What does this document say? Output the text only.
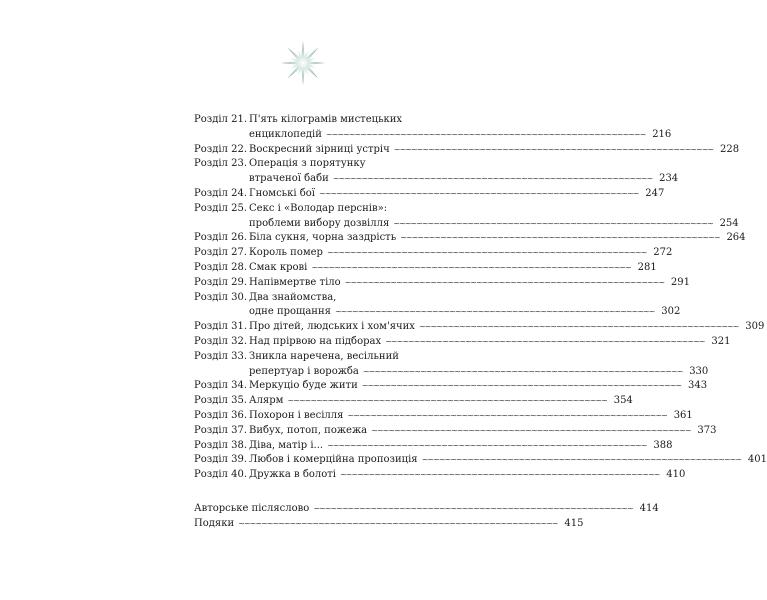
Розділ 21. П'ять кілограмів мистецьких
енциклопедій ~~~~~~~~~~~~~~~~~~~~~~~~~~~~~~~~~~~~~~~~~~~~~~~~~~~~~~~~ 216
Розділ 22. Воскресний зірниці устріч ~~~~~~~~~~~~~~~~~~~~~~~~~~~~~~~~~~~~~~~~~~~~~~~~~~~~~~~~ 228
Розділ 23. Операція з порятунку
втраченої баби ~~~~~~~~~~~~~~~~~~~~~~~~~~~~~~~~~~~~~~~~~~~~~~~~~~~~~~~~ 234
Розділ 24. Гномські бої ~~~~~~~~~~~~~~~~~~~~~~~~~~~~~~~~~~~~~~~~~~~~~~~~~~~~~~~~ 247
Розділ 25. Секс і «Володар перснів»:
проблеми вибору дозвілля ~~~~~~~~~~~~~~~~~~~~~~~~~~~~~~~~~~~~~~~~~~~~~~~~~~~~~~~~ 254
Розділ 26. Біла сукня, чорна заздрість ~~~~~~~~~~~~~~~~~~~~~~~~~~~~~~~~~~~~~~~~~~~~~~~~~~~~~~~~ 264
Розділ 27. Король помер ~~~~~~~~~~~~~~~~~~~~~~~~~~~~~~~~~~~~~~~~~~~~~~~~~~~~~~~~ 272
Розділ 28. Смак крові ~~~~~~~~~~~~~~~~~~~~~~~~~~~~~~~~~~~~~~~~~~~~~~~~~~~~~~~~ 281
Розділ 29. Напівмертве тіло ~~~~~~~~~~~~~~~~~~~~~~~~~~~~~~~~~~~~~~~~~~~~~~~~~~~~~~~~ 291
Розділ 30. Два знайомства,
одне прощання ~~~~~~~~~~~~~~~~~~~~~~~~~~~~~~~~~~~~~~~~~~~~~~~~~~~~~~~~ 302
Розділ 31. Про дітей, людських і хом'ячих ~~~~~~~~~~~~~~~~~~~~~~~~~~~~~~~~~~~~~~~~~~~~~~~~~~~~~~~~ 309
Розділ 32. Над прірвою на підборах ~~~~~~~~~~~~~~~~~~~~~~~~~~~~~~~~~~~~~~~~~~~~~~~~~~~~~~~~ 321
Розділ 33. Зникла наречена, весільний
репертуар і ворожба ~~~~~~~~~~~~~~~~~~~~~~~~~~~~~~~~~~~~~~~~~~~~~~~~~~~~~~~~ 330
Розділ 34. Меркуціо буде жити ~~~~~~~~~~~~~~~~~~~~~~~~~~~~~~~~~~~~~~~~~~~~~~~~~~~~~~~~ 343
Розділ 35. Алярм ~~~~~~~~~~~~~~~~~~~~~~~~~~~~~~~~~~~~~~~~~~~~~~~~~~~~~~~~ 354
Розділ 36. Похорон і весілля ~~~~~~~~~~~~~~~~~~~~~~~~~~~~~~~~~~~~~~~~~~~~~~~~~~~~~~~~ 361
Розділ 37. Вибух, потоп, пожежа ~~~~~~~~~~~~~~~~~~~~~~~~~~~~~~~~~~~~~~~~~~~~~~~~~~~~~~~~ 373
Розділ 38. Діва, матір і... ~~~~~~~~~~~~~~~~~~~~~~~~~~~~~~~~~~~~~~~~~~~~~~~~~~~~~~~~ 388
Розділ 39. Любов і комерційна пропозиція ~~~~~~~~~~~~~~~~~~~~~~~~~~~~~~~~~~~~~~~~~~~~~~~~~~~~~~~~ 401
Розділ 40. Дружка в болоті ~~~~~~~~~~~~~~~~~~~~~~~~~~~~~~~~~~~~~~~~~~~~~~~~~~~~~~~~ 410
Авторське післяслово ~~~~~~~~~~~~~~~~~~~~~~~~~~~~~~~~~~~~~~~~~~~~~~~~~~~~~~~~ 414
Подяки ~~~~~~~~~~~~~~~~~~~~~~~~~~~~~~~~~~~~~~~~~~~~~~~~~~~~~~~~ 415
